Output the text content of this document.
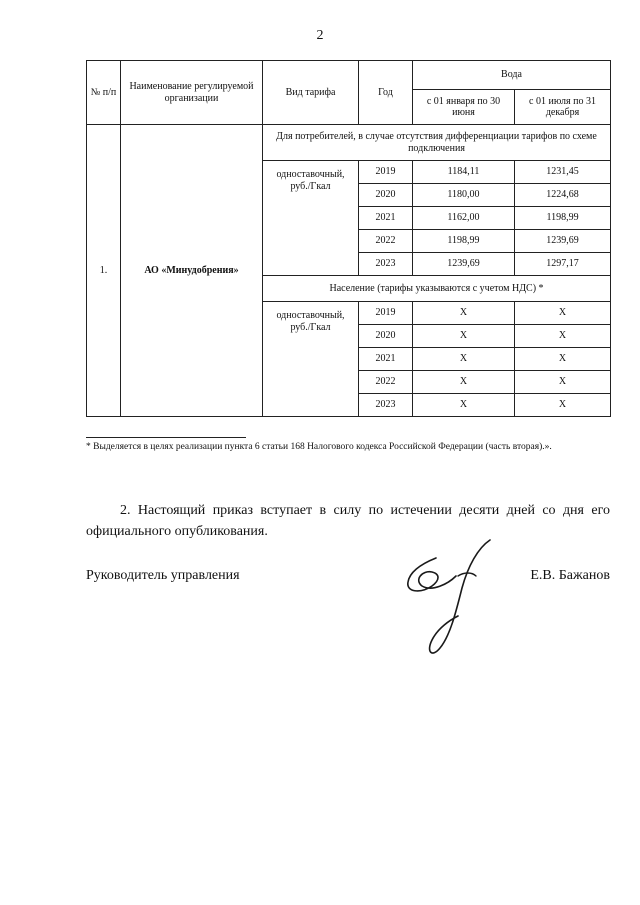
2
№ п/п	Наименование регулируемой организации	Вид тарифа	Год	Вода	
				с 01 января по 30 июня	с 01 июля по 31 декабря
1.	АО «Минудобрения»	Для потребителей, в случае отсутствия дифференциации тарифов по схеме подключения			
		одноставочный, руб./Гкал	2019	1184,11	1231,45
			2020	1180,00	1224,68
			2021	1162,00	1198,99
			2022	1198,99	1239,69
			2023	1239,69	1297,17
		Население (тарифы указываются с учетом НДС) *			
		одноставочный, руб./Гкал	2019	Х	Х
			2020	Х	Х
			2021	Х	Х
			2022	Х	Х
			2023	Х	Х
* Выделяется в целях реализации пункта 6 статьи 168 Налогового кодекса Российской Федерации (часть вторая).».
2. Настоящий приказ вступает в силу по истечении десяти дней со дня его официального опубликования.
Руководитель управления	Е.В. Бажанов
